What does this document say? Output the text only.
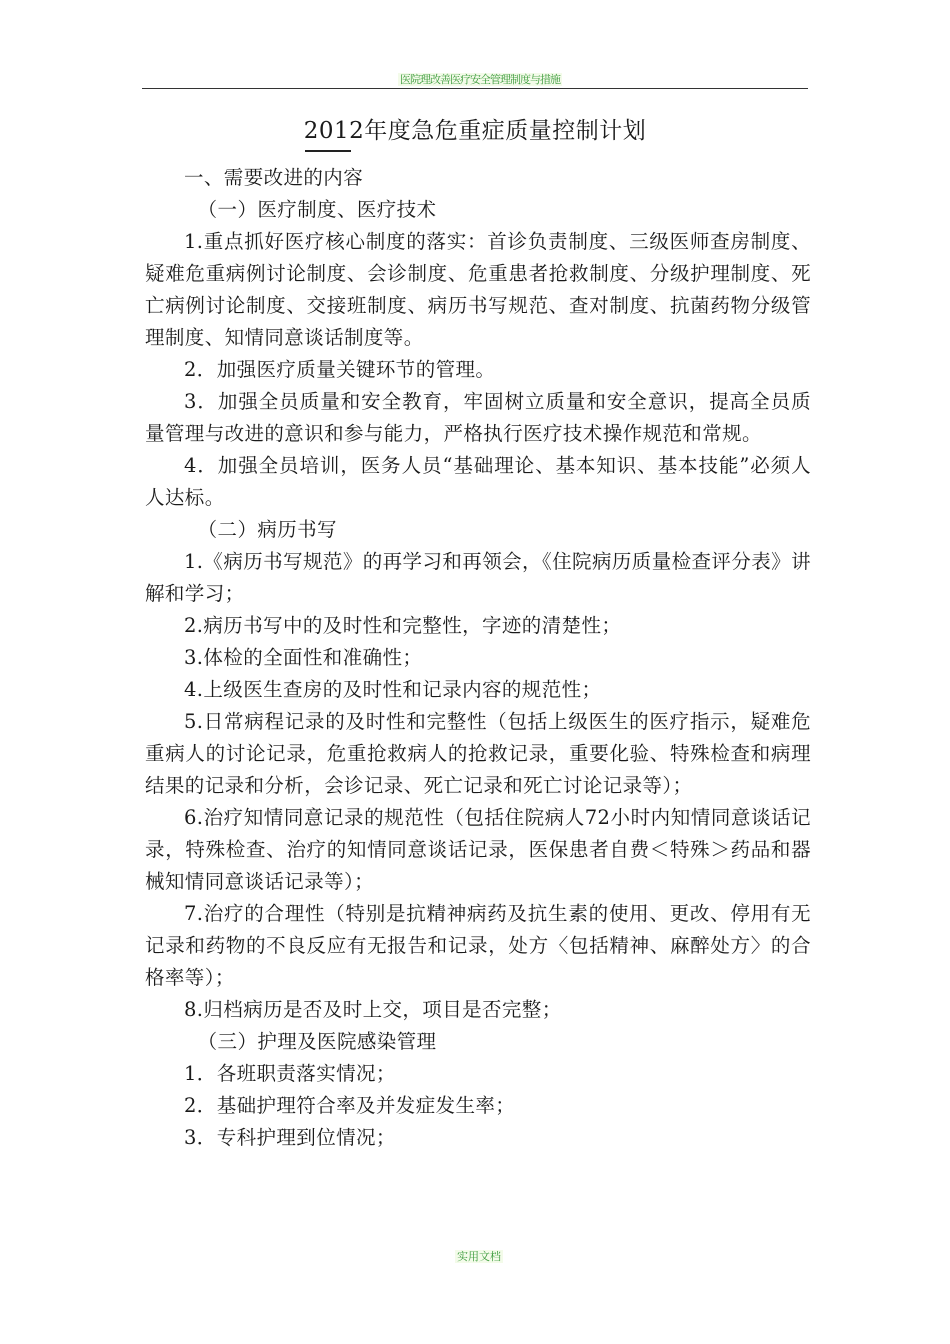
医院理改善医疗安全管理制度与措施
2012年度急危重症质量控制计划

一、需要改进的内容

（一）医疗制度、医疗技术

1.重点抓好医疗核心制度的落实：首诊负责制度、三级医师查房制度、疑难危重病例讨论制度、会诊制度、危重患者抢救制度、分级护理制度、死亡病例讨论制度、交接班制度、病历书写规范、查对制度、抗菌药物分级管理制度、知情同意谈话制度等。

2．加强医疗质量关键环节的管理。

3．加强全员质量和安全教育，牢固树立质量和安全意识，提高全员质量管理与改进的意识和参与能力，严格执行医疗技术操作规范和常规。

4．加强全员培训，医务人员“基础理论、基本知识、基本技能”必须人人达标。

（二）病历书写

1.《病历书写规范》的再学习和再领会，《住院病历质量检查评分表》讲解和学习；

2.病历书写中的及时性和完整性，字迹的清楚性；

3.体检的全面性和准确性；

4.上级医生查房的及时性和记录内容的规范性；

5.日常病程记录的及时性和完整性（包括上级医生的医疗指示，疑难危重病人的讨论记录，危重抢救病人的抢救记录，重要化验、特殊检查和病理结果的记录和分析，会诊记录、死亡记录和死亡讨论记录等）；

6.治疗知情同意记录的规范性（包括住院病人72小时内知情同意谈话记录，特殊检查、治疗的知情同意谈话记录，医保患者自费＜特殊＞药品和器械知情同意谈话记录等）；

7.治疗的合理性（特别是抗精神病药及抗生素的使用、更改、停用有无记录和药物的不良反应有无报告和记录，处方〈包括精神、麻醉处方〉的合格率等）；

8.归档病历是否及时上交，项目是否完整；

（三）护理及医院感染管理

1．各班职责落实情况；

2．基础护理符合率及并发症发生率；

3．专科护理到位情况；

实用文档
